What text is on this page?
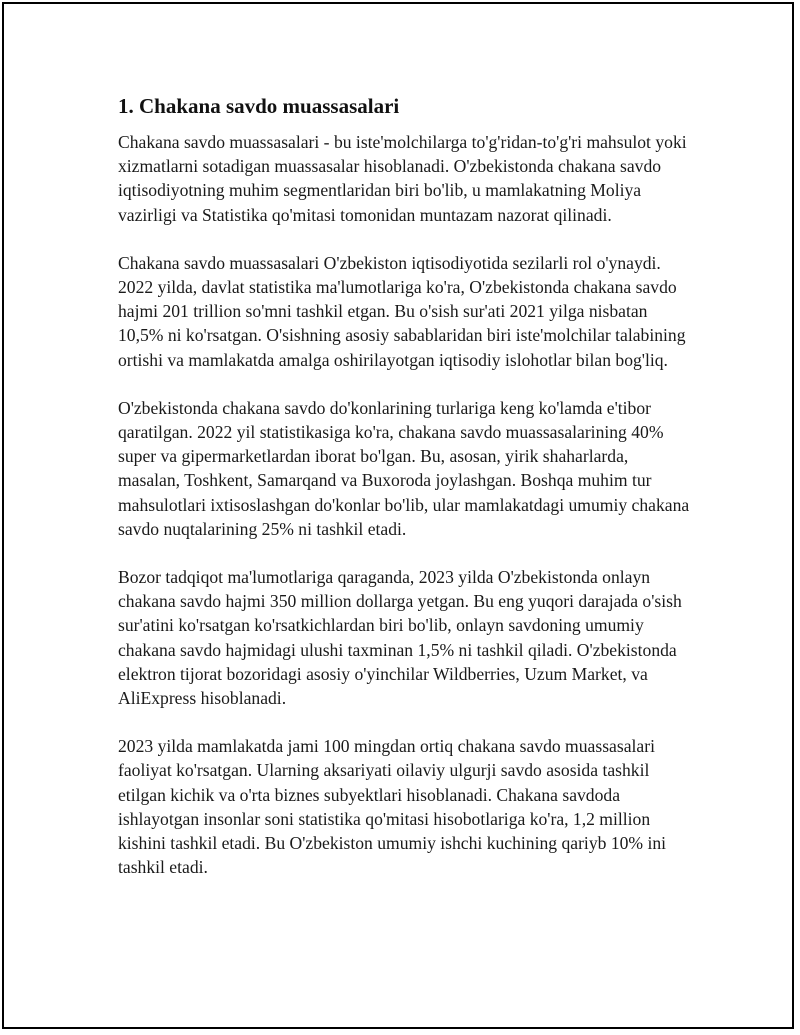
1. Chakana savdo muassasalari

Chakana savdo muassasalari - bu iste'molchilarga to'g'ridan-to'g'ri mahsulot yoki xizmatlarni sotadigan muassasalar hisoblanadi. O'zbekistonda chakana savdo iqtisodiyotning muhim segmentlaridan biri bo'lib, u mamlakatning Moliya vazirligi va Statistika qo'mitasi tomonidan muntazam nazorat qilinadi.

Chakana savdo muassasalari O'zbekiston iqtisodiyotida sezilarli rol o'ynaydi. 2022 yilda, davlat statistika ma'lumotlariga ko'ra, O'zbekistonda chakana savdo hajmi 201 trillion so'mni tashkil etgan. Bu o'sish sur'ati 2021 yilga nisbatan 10,5% ni ko'rsatgan. O'sishning asosiy sabablaridan biri iste'molchilar talabining ortishi va mamlakatda amalga oshirilayotgan iqtisodiy islohotlar bilan bog'liq.

O'zbekistonda chakana savdo do'konlarining turlariga keng ko'lamda e'tibor qaratilgan. 2022 yil statistikasiga ko'ra, chakana savdo muassasalarining 40% super va gipermarketlardan iborat bo'lgan. Bu, asosan, yirik shaharlarda, masalan, Toshkent, Samarqand va Buxoroda joylashgan. Boshqa muhim tur mahsulotlari ixtisoslashgan do'konlar bo'lib, ular mamlakatdagi umumiy chakana savdo nuqtalarining 25% ni tashkil etadi.

Bozor tadqiqot ma'lumotlariga qaraganda, 2023 yilda O'zbekistonda onlayn chakana savdo hajmi 350 million dollarga yetgan. Bu eng yuqori darajada o'sish sur'atini ko'rsatgan ko'rsatkichlardan biri bo'lib, onlayn savdoning umumiy chakana savdo hajmidagi ulushi taxminan 1,5% ni tashkil qiladi. O'zbekistonda elektron tijorat bozoridagi asosiy o'yinchilar Wildberries, Uzum Market, va AliExpress hisoblanadi.

2023 yilda mamlakatda jami 100 mingdan ortiq chakana savdo muassasalari faoliyat ko'rsatgan. Ularning aksariyati oilaviy ulgurji savdo asosida tashkil etilgan kichik va o'rta biznes subyektlari hisoblanadi. Chakana savdoda ishlayotgan insonlar soni statistika qo'mitasi hisobotlariga ko'ra, 1,2 million kishini tashkil etadi. Bu O'zbekiston umumiy ishchi kuchining qariyb 10% ini tashkil etadi.
